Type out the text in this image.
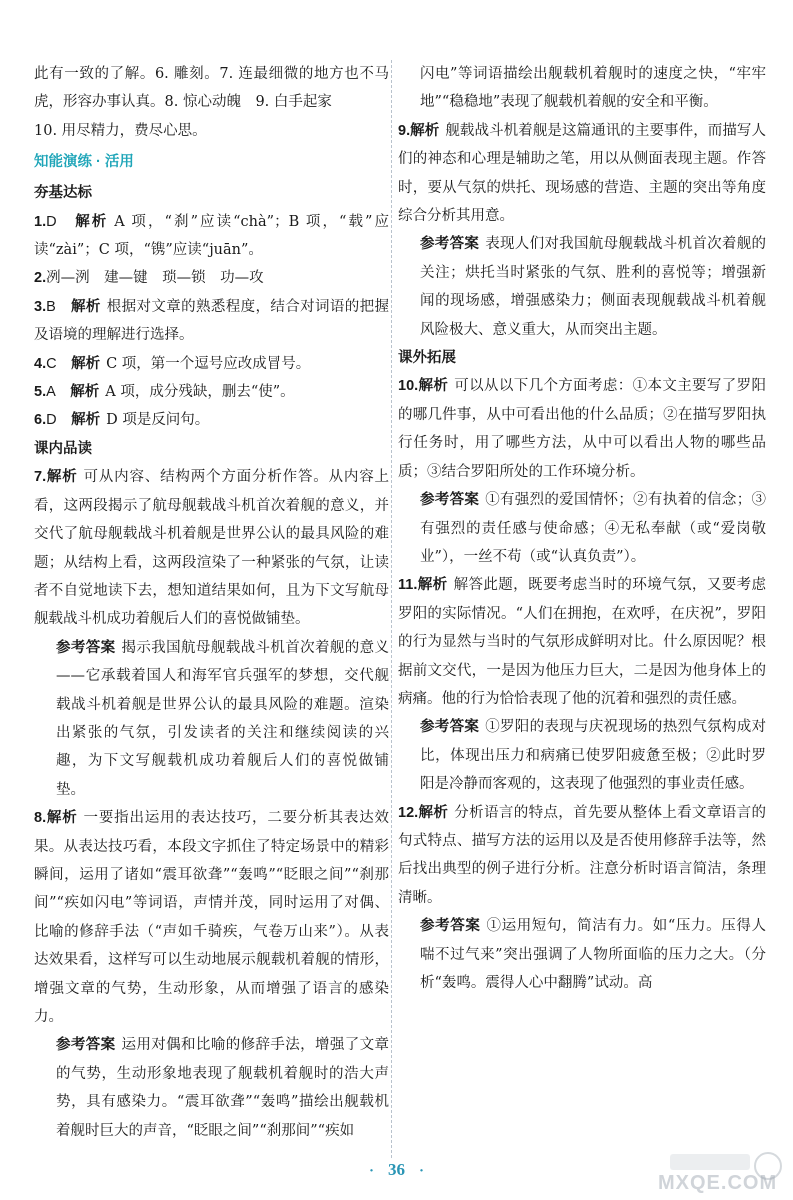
此有一致的了解。6. 雕刻。7. 连最细微的地方也不马虎，形容办事认真。8. 惊心动魄　9. 白手起家

10. 用尽精力，费尽心思。

知能演练 · 活用
夯基达标

1.D　 解析 A 项，“刹”应读“chà”；B 项，“载”应读“zài”；C 项，“镌”应读“juān”。

2.冽—洌　建—键　琐—锁　功—攻

3.B　 解析 根据对文章的熟悉程度，结合对词语的把握及语境的理解进行选择。

4.C　 解析 C 项，第一个逗号应改成冒号。

5.A　 解析 A 项，成分残缺，删去“使”。

6.D　 解析 D 项是反问句。

课内品读

7.解析 可从内容、结构两个方面分析作答。从内容上看，这两段揭示了航母舰载战斗机首次着舰的意义，并交代了航母舰载战斗机着舰是世界公认的最具风险的难题；从结构上看，这两段渲染了一种紧张的气氛，让读者不自觉地读下去，想知道结果如何，且为下文写航母舰载战斗机成功着舰后人们的喜悦做铺垫。

参考答案 揭示我国航母舰载战斗机首次着舰的意义——它承载着国人和海军官兵强军的梦想，交代舰载战斗机着舰是世界公认的最具风险的难题。渲染出紧张的气氛，引发读者的关注和继续阅读的兴趣，为下文写舰载机成功着舰后人们的喜悦做铺垫。

8.解析 一要指出运用的表达技巧，二要分析其表达效果。从表达技巧看，本段文字抓住了特定场景中的精彩瞬间，运用了诸如“震耳欲聋”“轰鸣”“眨眼之间”“刹那间”“疾如闪电”等词语，声情并茂，同时运用了对偶、比喻的修辞手法（“声如千骑疾，气卷万山来”）。从表达效果看，这样写可以生动地展示舰载机着舰的情形，增强文章的气势，生动形象，从而增强了语言的感染力。

参考答案 运用对偶和比喻的修辞手法，增强了文章的气势，生动形象地表现了舰载机着舰时的浩大声势，具有感染力。“震耳欲聋”“轰鸣”描绘出舰载机着舰时巨大的声音，“眨眼之间”“刹那间”“疾如

闪电”等词语描绘出舰载机着舰时的速度之快，“牢牢地”“稳稳地”表现了舰载机着舰的安全和平衡。

9.解析 舰载战斗机着舰是这篇通讯的主要事件，而描写人们的神态和心理是辅助之笔，用以从侧面表现主题。作答时，要从气氛的烘托、现场感的营造、主题的突出等角度综合分析其用意。

参考答案 表现人们对我国航母舰载战斗机首次着舰的关注；烘托当时紧张的气氛、胜利的喜悦等；增强新闻的现场感，增强感染力；侧面表现舰载战斗机着舰风险极大、意义重大，从而突出主题。

课外拓展

10.解析 可以从以下几个方面考虑：①本文主要写了罗阳的哪几件事，从中可看出他的什么品质；②在描写罗阳执行任务时，用了哪些方法，从中可以看出人物的哪些品质；③结合罗阳所处的工作环境分析。

参考答案 ①有强烈的爱国情怀；②有执着的信念；③有强烈的责任感与使命感；④无私奉献（或“爱岗敬业”），一丝不苟（或“认真负责”）。

11.解析 解答此题，既要考虑当时的环境气氛，又要考虑罗阳的实际情况。“人们在拥抱，在欢呼，在庆祝”，罗阳的行为显然与当时的气氛形成鲜明对比。什么原因呢？根据前文交代，一是因为他压力巨大，二是因为他身体上的病痛。他的行为恰恰表现了他的沉着和强烈的责任感。

参考答案 ①罗阳的表现与庆祝现场的热烈气氛构成对比，体现出压力和病痛已使罗阳疲惫至极；②此时罗阳是冷静而客观的，这表现了他强烈的事业责任感。

12.解析 分析语言的特点，首先要从整体上看文章语言的句式特点、描写方法的运用以及是否使用修辞手法等，然后找出典型的例子进行分析。注意分析时语言简洁，条理清晰。

参考答案 ①运用短句，简洁有力。如“压力。压得人喘不过气来”突出强调了人物所面临的压力之大。（分析“轰鸣。震得人心中翻腾”试动。高

· 36 ·
MXQE.COM
